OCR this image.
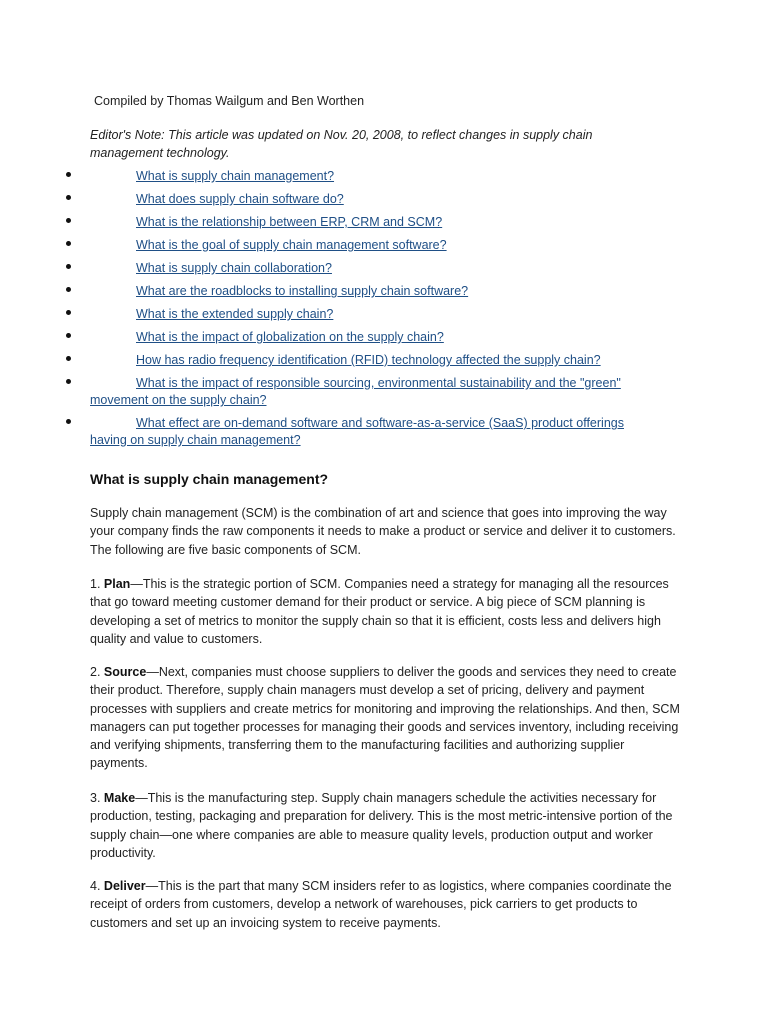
Compiled by Thomas Wailgum and Ben Worthen
Editor's Note: This article was updated on Nov. 20, 2008, to reflect changes in supply chain management technology.
What is supply chain management?
What does supply chain software do?
What is the relationship between ERP, CRM and SCM?
What is the goal of supply chain management software?
What is supply chain collaboration?
What are the roadblocks to installing supply chain software?
What is the extended supply chain?
What is the impact of globalization on the supply chain?
How has radio frequency identification (RFID) technology affected the supply chain?
What is the impact of responsible sourcing, environmental sustainability and the "green" movement on the supply chain?
What effect are on-demand software and software-as-a-service (SaaS) product offerings having on supply chain management?
What is supply chain management?

Supply chain management (SCM) is the combination of art and science that goes into improving the way your company finds the raw components it needs to make a product or service and deliver it to customers. The following are five basic components of SCM.

1. Plan—This is the strategic portion of SCM. Companies need a strategy for managing all the resources that go toward meeting customer demand for their product or service. A big piece of SCM planning is developing a set of metrics to monitor the supply chain so that it is efficient, costs less and delivers high quality and value to customers.

2. Source—Next, companies must choose suppliers to deliver the goods and services they need to create their product. Therefore, supply chain managers must develop a set of pricing, delivery and payment processes with suppliers and create metrics for monitoring and improving the relationships. And then, SCM managers can put together processes for managing their goods and services inventory, including receiving and verifying shipments, transferring them to the manufacturing facilities and authorizing supplier payments.

3. Make—This is the manufacturing step. Supply chain managers schedule the activities necessary for production, testing, packaging and preparation for delivery. This is the most metric-intensive portion of the supply chain—one where companies are able to measure quality levels, production output and worker productivity.

4. Deliver—This is the part that many SCM insiders refer to as logistics, where companies coordinate the receipt of orders from customers, develop a network of warehouses, pick carriers to get products to customers and set up an invoicing system to receive payments.
